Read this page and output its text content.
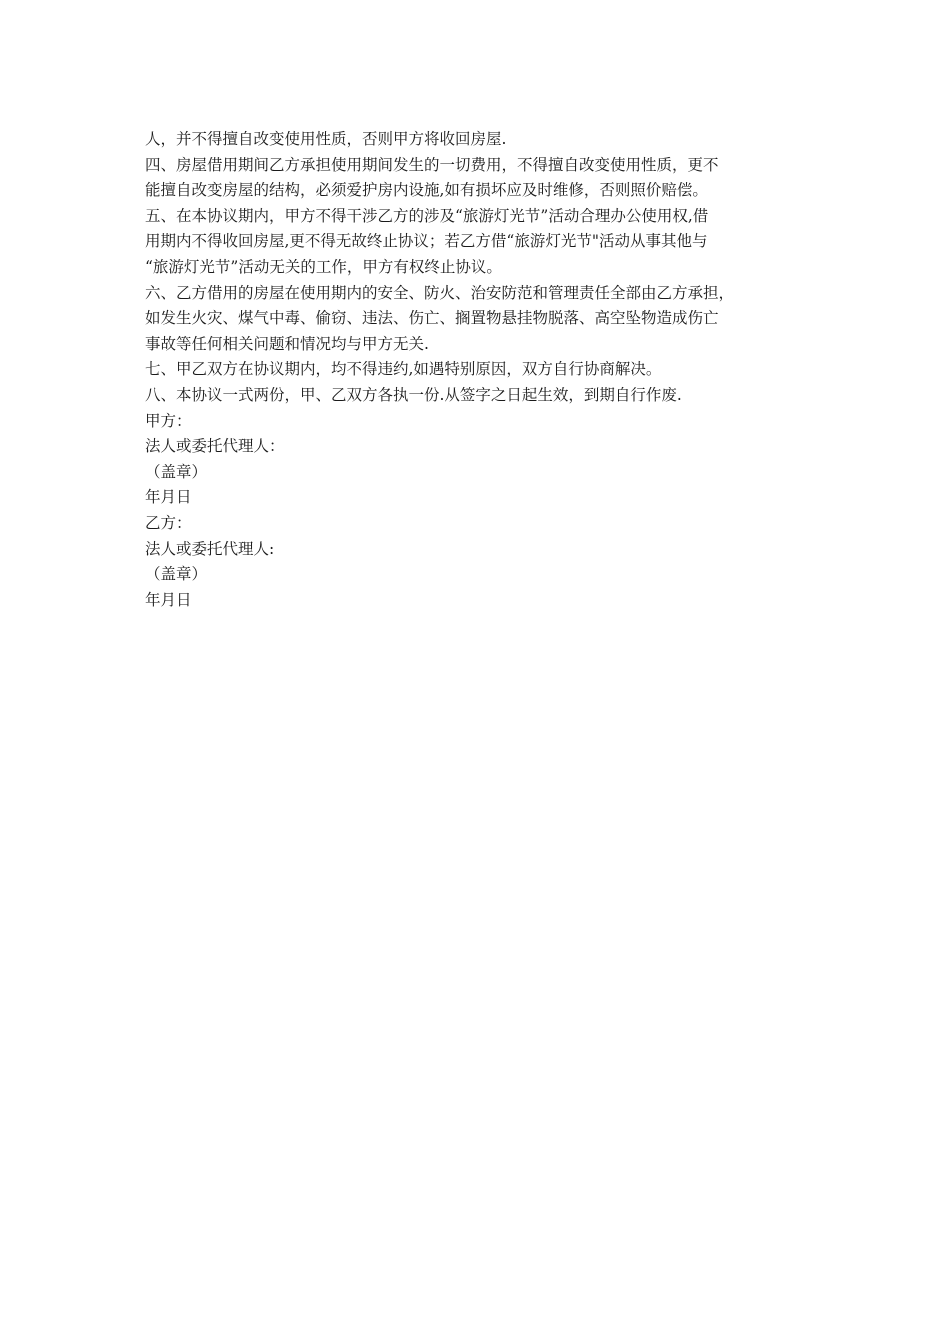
人，并不得擅自改变使用性质，否则甲方将收回房屋.
四、房屋借用期间乙方承担使用期间发生的一切费用，不得擅自改变使用性质，更不
能擅自改变房屋的结构，必须爱护房内设施,如有损坏应及时维修，否则照价赔偿。
五、在本协议期内，甲方不得干涉乙方的涉及“旅游灯光节”活动合理办公使用权,借
用期内不得收回房屋,更不得无故终止协议；若乙方借“旅游灯光节"活动从事其他与
“旅游灯光节”活动无关的工作，甲方有权终止协议。
六、乙方借用的房屋在使用期内的安全、防火、治安防范和管理责任全部由乙方承担，
如发生火灾、煤气中毒、偷窃、违法、伤亡、搁置物悬挂物脱落、高空坠物造成伤亡
事故等任何相关问题和情况均与甲方无关.
七、甲乙双方在协议期内，均不得违约,如遇特别原因，双方自行协商解决。
八、本协议一式两份，甲、乙双方各执一份.从签字之日起生效，到期自行作废.
甲方：
法人或委托代理人：
（盖章）
年月日
乙方：
法人或委托代理人:
（盖章）
年月日
